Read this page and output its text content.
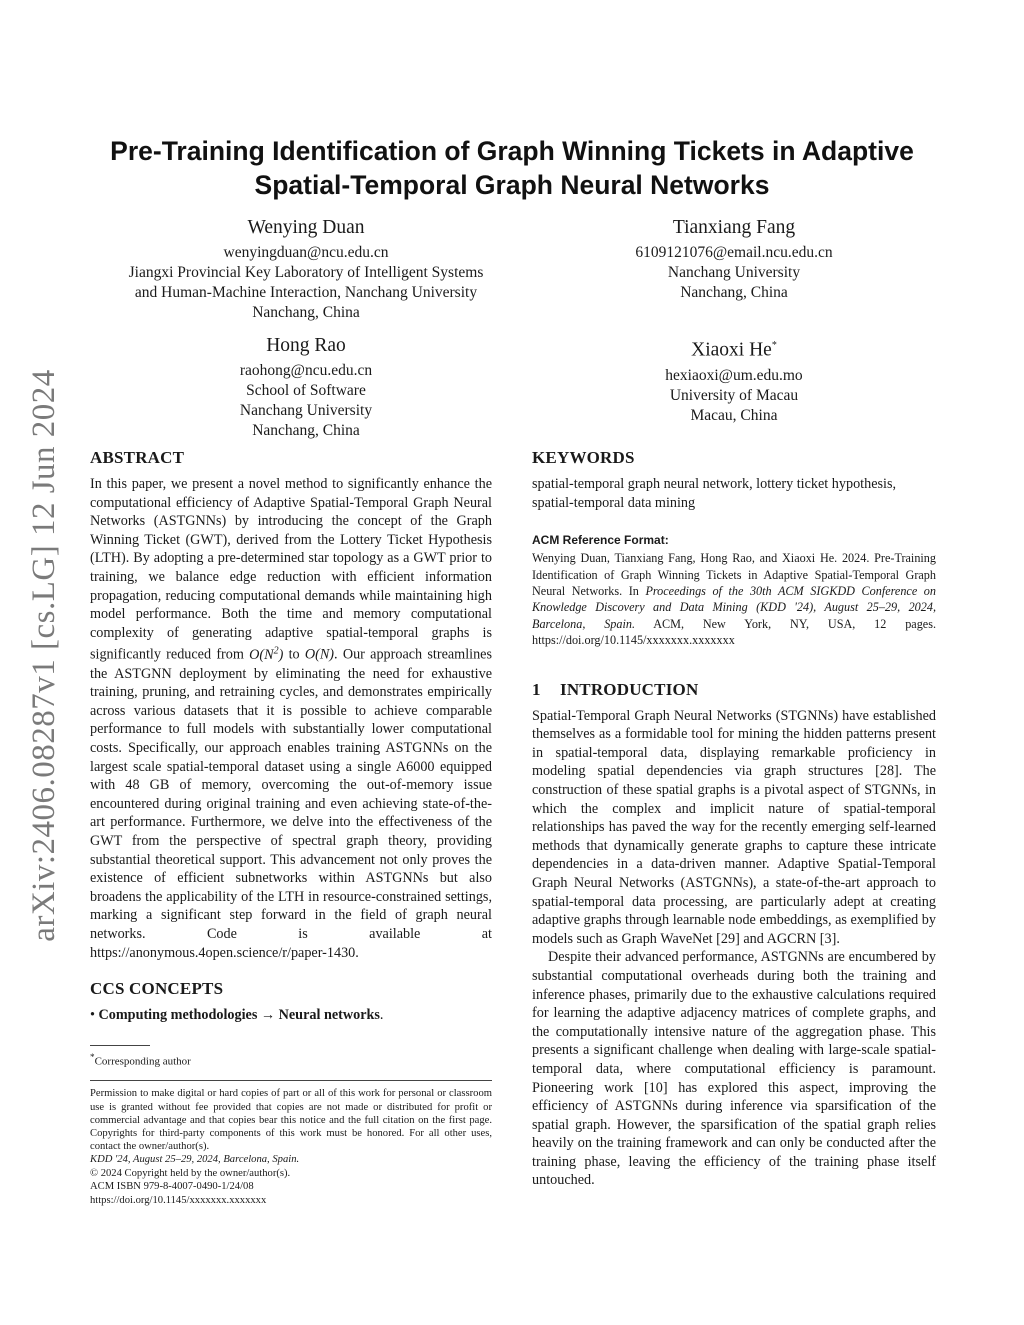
arXiv:2406.08287v1 [cs.LG] 12 Jun 2024
Pre-Training Identification of Graph Winning Tickets in Adaptive
Spatial-Temporal Graph Neural Networks
Wenying Duan
wenyingduan@ncu.edu.cn
Jiangxi Provincial Key Laboratory of Intelligent Systems
and Human-Machine Interaction, Nanchang University
Nanchang, China
Tianxiang Fang
6109121076@email.ncu.edu.cn
Nanchang University
Nanchang, China
Hong Rao
raohong@ncu.edu.cn
School of Software
Nanchang University
Nanchang, China
Xiaoxi He*
hexiaoxi@um.edu.mo
University of Macau
Macau, China
ABSTRACT

In this paper, we present a novel method to significantly enhance the computational efficiency of Adaptive Spatial-Temporal Graph Neural Networks (ASTGNNs) by introducing the concept of the Graph Winning Ticket (GWT), derived from the Lottery Ticket Hypothesis (LTH). By adopting a pre-determined star topology as a GWT prior to training, we balance edge reduction with efficient information propagation, reducing computational demands while maintaining high model performance. Both the time and memory computational complexity of generating adaptive spatial-temporal graphs is significantly reduced from $O(N^2)$ to O(N). Our approach streamlines the ASTGNN deployment by eliminating the need for exhaustive training, pruning, and retraining cycles, and demonstrates empirically across various datasets that it is possible to achieve comparable performance to full models with substantially lower computational costs. Specifically, our approach enables training ASTGNNs on the largest scale spatial-temporal dataset using a single A6000 equipped with 48 GB of memory, overcoming the out-of-memory issue encountered during original training and even achieving state-of-the-art performance. Furthermore, we delve into the effectiveness of the GWT from the perspective of spectral graph theory, providing substantial theoretical support. This advancement not only proves the existence of efficient subnetworks within ASTGNNs but also broadens the applicability of the LTH in resource-constrained settings, marking a significant step forward in the field of graph neural networks. Code is available at https://anonymous.4open.science/r/paper-1430.

CCS CONCEPTS

• Computing methodologies → Neural networks.

*Corresponding author

Permission to make digital or hard copies of part or all of this work for personal or classroom use is granted without fee provided that copies are not made or distributed for profit or commercial advantage and that copies bear this notice and the full citation on the first page. Copyrights for third-party components of this work must be honored. For all other uses, contact the owner/author(s).

KDD '24, August 25–29, 2024, Barcelona, Spain.

© 2024 Copyright held by the owner/author(s).

ACM ISBN 979-8-4007-0490-1/24/08

https://doi.org/10.1145/xxxxxxx.xxxxxxx

KEYWORDS

spatial-temporal graph neural network, lottery ticket hypothesis, spatial-temporal data mining

ACM Reference Format:

Wenying Duan, Tianxiang Fang, Hong Rao, and Xiaoxi He. 2024. Pre-Training Identification of Graph Winning Tickets in Adaptive Spatial-Temporal Graph Neural Networks. In Proceedings of the 30th ACM SIGKDD Conference on Knowledge Discovery and Data Mining (KDD '24), August 25–29, 2024, Barcelona, Spain. ACM, New York, NY, USA, 12 pages. https://doi.org/10.1145/xxxxxxx.xxxxxxx

1 INTRODUCTION

Spatial-Temporal Graph Neural Networks (STGNNs) have established themselves as a formidable tool for mining the hidden patterns present in spatial-temporal data, displaying remarkable proficiency in modeling spatial dependencies via graph structures [28]. The construction of these spatial graphs is a pivotal aspect of STGNNs, in which the complex and implicit nature of spatial-temporal relationships has paved the way for the recently emerging self-learned methods that dynamically generate graphs to capture these intricate dependencies in a data-driven manner. Adaptive Spatial-Temporal Graph Neural Networks (ASTGNNs), a state-of-the-art approach to spatial-temporal data processing, are particularly adept at creating adaptive graphs through learnable node embeddings, as exemplified by models such as Graph WaveNet [29] and AGCRN [3].

Despite their advanced performance, ASTGNNs are encumbered by substantial computational overheads during both the training and inference phases, primarily due to the exhaustive calculations required for learning the adaptive adjacency matrices of complete graphs, and the computationally intensive nature of the aggregation phase. This presents a significant challenge when dealing with large-scale spatial-temporal data, where computational efficiency is paramount. Pioneering work [10] has explored this aspect, improving the efficiency of ASTGNNs during inference via sparsification of the spatial graph. However, the sparsification of the spatial graph relies heavily on the training framework and can only be conducted after the training phase, leaving the efficiency of the training phase itself untouched.
